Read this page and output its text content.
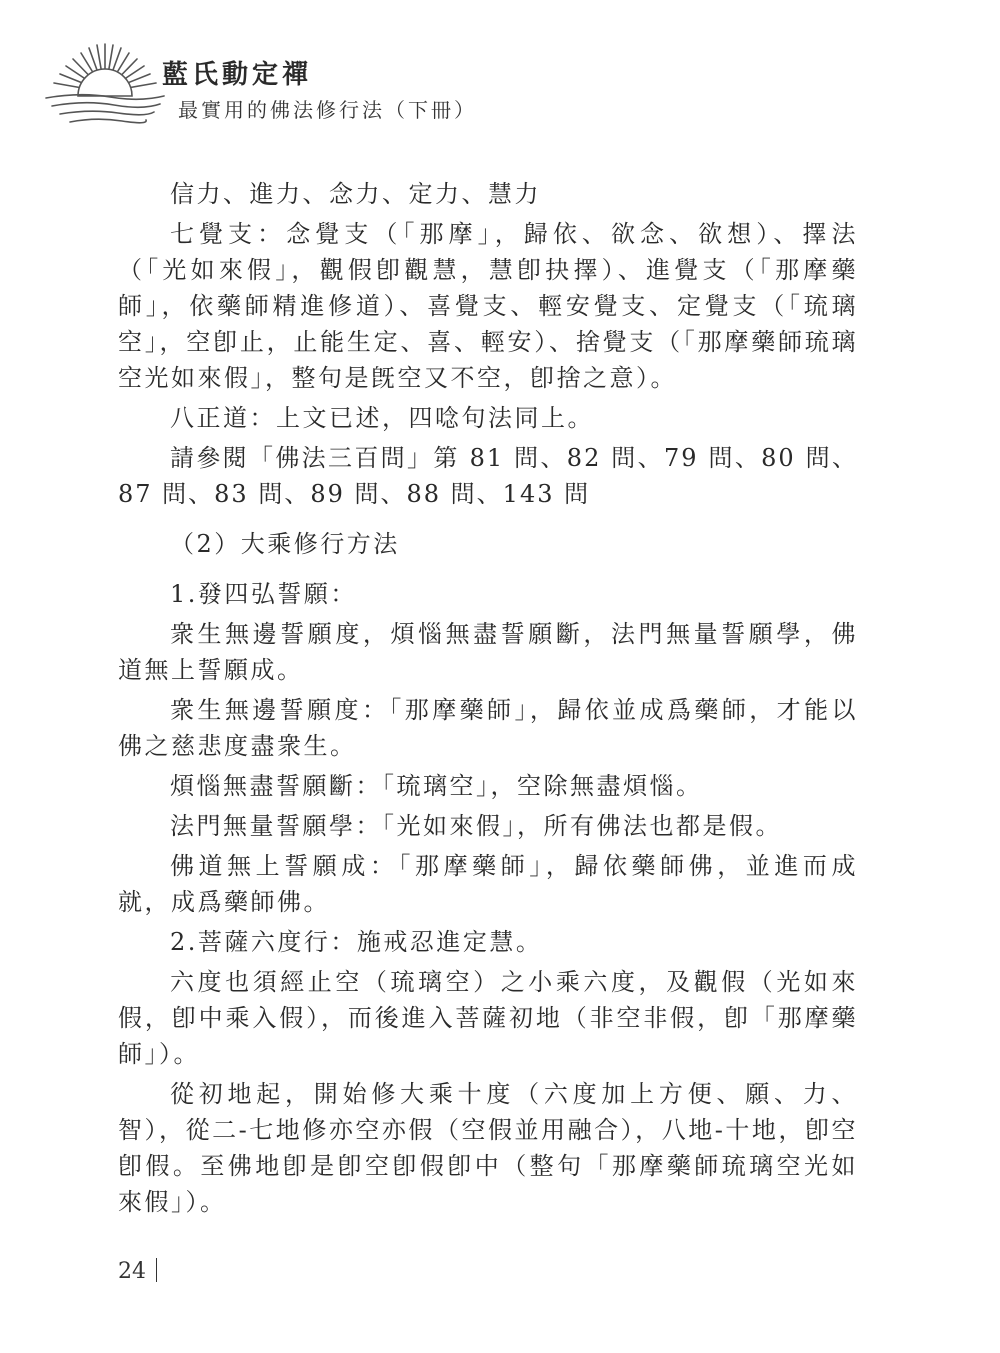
藍氏動定禪
最實用的佛法修行法（下冊）

信力、進力、念力、定力、慧力

七覺支：念覺支（「那摩」，歸依、欲念、欲想）、擇法（「光如來假」，觀假卽觀慧，慧卽抉擇）、進覺支（「那摩藥師」，依藥師精進修道）、喜覺支、輕安覺支、定覺支（「琉璃空」，空卽止，止能生定、喜、輕安）、捨覺支（「那摩藥師琉璃空光如來假」，整句是旣空又不空，卽捨之意）。

八正道：上文已述，四唸句法同上。

請參閱「佛法三百問」第 81 問、82 問、79 問、80 問、87 問、83 問、89 問、88 問、143 問

（2）大乘修行方法

1.發四弘誓願：

衆生無邊誓願度，煩惱無盡誓願斷，法門無量誓願學，佛道無上誓願成。

衆生無邊誓願度：「那摩藥師」，歸依並成爲藥師，才能以佛之慈悲度盡衆生。

煩惱無盡誓願斷：「琉璃空」，空除無盡煩惱。

法門無量誓願學：「光如來假」，所有佛法也都是假。

佛道無上誓願成：「那摩藥師」，歸依藥師佛，並進而成就，成爲藥師佛。

2.菩薩六度行：施戒忍進定慧。

六度也須經止空（琉璃空）之小乘六度，及觀假（光如來假，卽中乘入假），而後進入菩薩初地（非空非假，卽「那摩藥師」）。

從初地起，開始修大乘十度（六度加上方便、願、力、智），從二-七地修亦空亦假（空假並用融合），八地-十地，卽空卽假。至佛地卽是卽空卽假卽中（整句「那摩藥師琉璃空光如來假」）。

24
